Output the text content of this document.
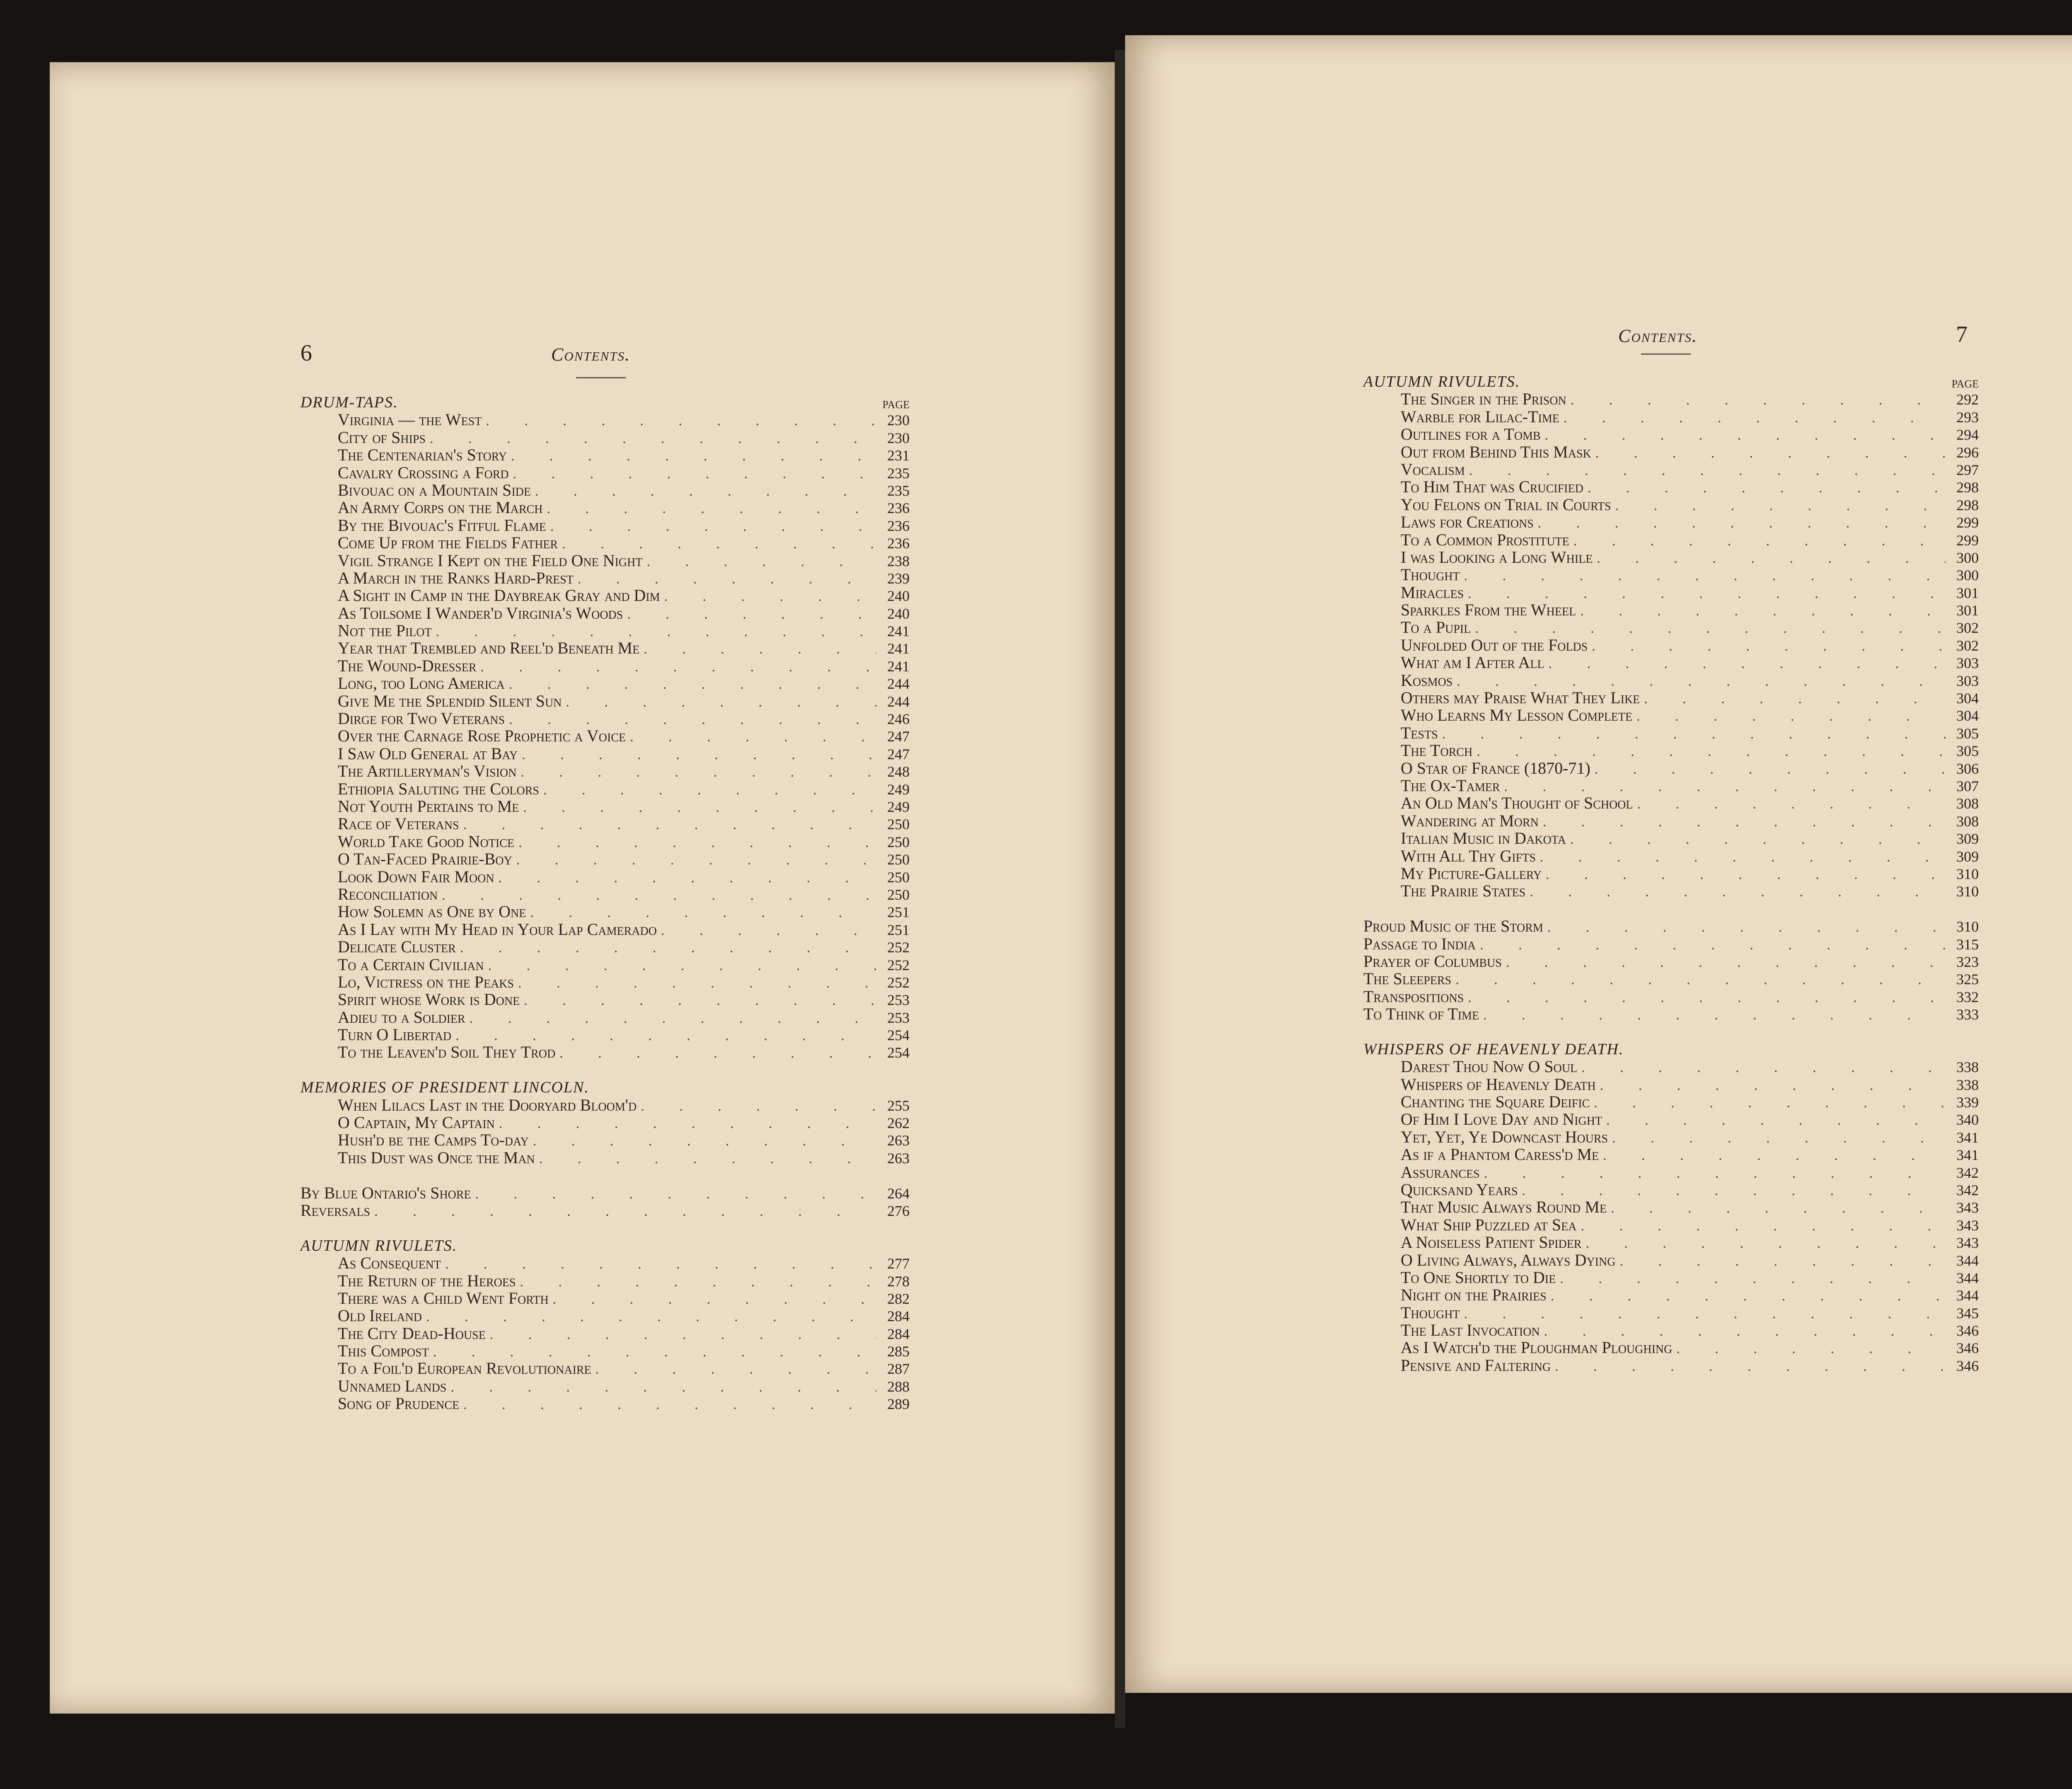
6	Contents.
DRUM-TAPS.	PAGE
Virginia — the West . . .	230
City of Ships . . .	230
The Centenarian's Story . . .	231
Cavalry Crossing a Ford . . .	235
Bivouac on a Mountain Side . . .	235
An Army Corps on the March . . .	236
By the Bivouac's Fitful Flame . . .	236
Come Up from the Fields Father . . .	236
Vigil Strange I Kept on the Field One Night . . .	238
A March in the Ranks Hard-Prest . . .	239
A Sight in Camp in the Daybreak Gray and Dim . . .	240
As Toilsome I Wander'd Virginia's Woods . . .	240
Not the Pilot . . .	241
Year that Trembled and Reel'd Beneath Me . . .	241
The Wound-Dresser . . .	241
Long, too Long America . . .	244
Give Me the Splendid Silent Sun . . .	244
Dirge for Two Veterans . . .	246
Over the Carnage Rose Prophetic a Voice . . .	247
I Saw Old General at Bay . . .	247
The Artilleryman's Vision . . .	248
Ethiopia Saluting the Colors . . .	249
Not Youth Pertains to Me . . .	249
Race of Veterans . . .	250
World Take Good Notice . . .	250
O Tan-Faced Prairie-Boy . . .	250
Look Down Fair Moon . . .	250
Reconciliation . . .	250
How Solemn as One by One . . .	251
As I Lay with My Head in Your Lap Camerado . . .	251
Delicate Cluster . . .	252
To a Certain Civilian . . .	252
Lo, Victress on the Peaks . . .	252
Spirit whose Work is Done . . .	253
Adieu to a Soldier . . .	253
Turn O Libertad . . .	254
To the Leaven'd Soil They Trod . . .	254
MEMORIES OF PRESIDENT LINCOLN.
When Lilacs Last in the Dooryard Bloom'd . . .	255
O Captain, My Captain . . .	262
Hush'd be the Camps To-day . . .	263
This Dust was Once the Man . . .	263
By Blue Ontario's Shore . . .	264
Reversals . . .	276
AUTUMN RIVULETS.
As Consequent . . .	277
The Return of the Heroes . . .	278
There was a Child Went Forth . . .	282
Old Ireland . . .	284
The City Dead-House . . .	284
This Compost . . .	285
To a Foil'd European Revolutionaire . . .	287
Unnamed Lands . . .	288
Song of Prudence . . .	289
Contents.	7
AUTUMN RIVULETS.	PAGE
The Singer in the Prison . . .	292
Warble for Lilac-Time . . .	293
Outlines for a Tomb . . .	294
Out from Behind This Mask . . .	296
Vocalism . . .	297
To Him That was Crucified . . .	298
You Felons on Trial in Courts . . .	298
Laws for Creations . . .	299
To a Common Prostitute . . .	299
I was Looking a Long While . . .	300
Thought . . .	300
Miracles . . .	301
Sparkles From the Wheel . . .	301
To a Pupil . . .	302
Unfolded Out of the Folds . . .	302
What am I After All . . .	303
Kosmos . . .	303
Others may Praise What They Like . . .	304
Who Learns My Lesson Complete . . .	304
Tests . . .	305
The Torch . . .	305
O Star of France (1870-71) . . .	306
The Ox-Tamer . . .	307
An Old Man's Thought of School . . .	308
Wandering at Morn . . .	308
Italian Music in Dakota . . .	309
With All Thy Gifts . . .	309
My Picture-Gallery . . .	310
The Prairie States . . .	310
Proud Music of the Storm . . .	310
Passage to India . . .	315
Prayer of Columbus . . .	323
The Sleepers . . .	325
Transpositions . . .	332
To Think of Time . . .	333
WHISPERS OF HEAVENLY DEATH.
Darest Thou Now O Soul . . .	338
Whispers of Heavenly Death . . .	338
Chanting the Square Deific . . .	339
Of Him I Love Day and Night . . .	340
Yet, Yet, Ye Downcast Hours . . .	341
As if a Phantom Caress'd Me . . .	341
Assurances . . .	342
Quicksand Years . . .	342
That Music Always Round Me . . .	343
What Ship Puzzled at Sea . . .	343
A Noiseless Patient Spider . . .	343
O Living Always, Always Dying . . .	344
To One Shortly to Die . . .	344
Night on the Prairies . . .	344
Thought . . .	345
The Last Invocation . . .	346
As I Watch'd the Ploughman Ploughing . . .	346
Pensive and Faltering . . .	346
